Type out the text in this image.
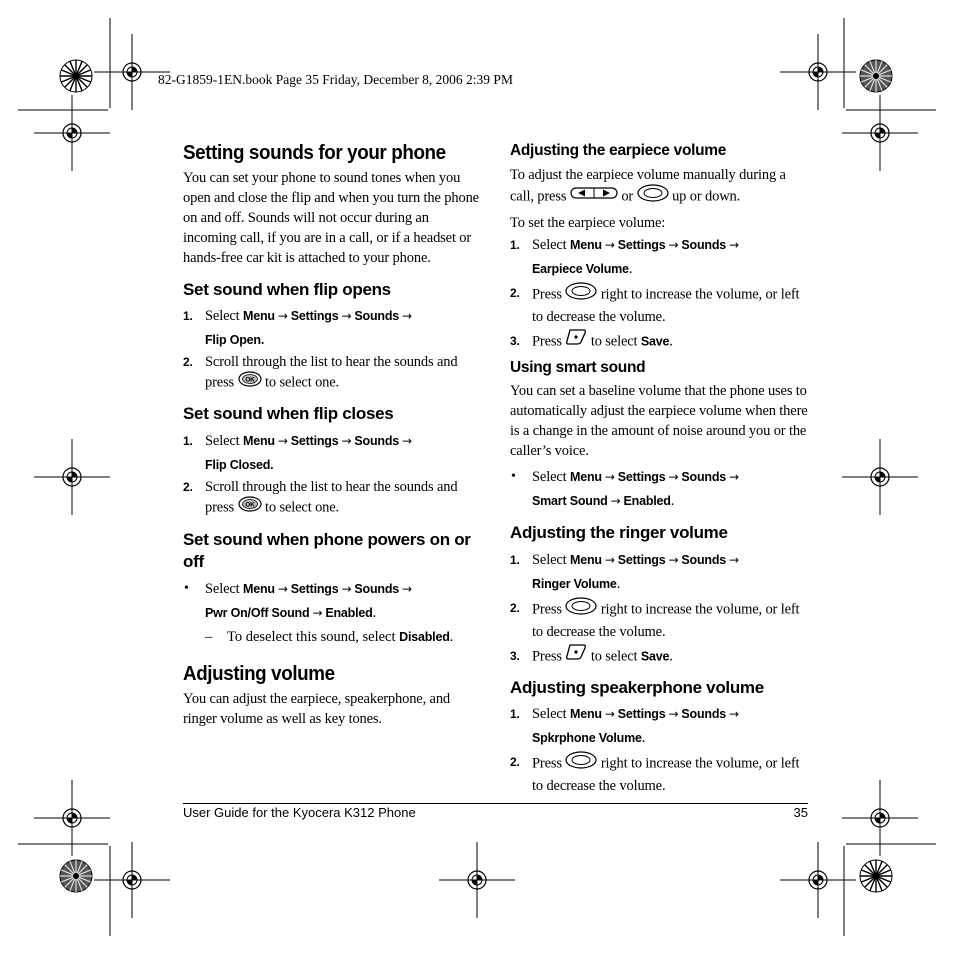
82-G1859-1EN.book Page 35 Friday, December 8, 2006 2:39 PM
Setting sounds for your phone

You can set your phone to sound tones when you open and close the flip and when you turn the phone on and off. Sounds will not occur during an incoming call, if you are in a call, or if a headset or hands-free car kit is attached to your phone.

Set sound when flip opens
1. Select Menu → Settings → Sounds →
Flip Open.
2. Scroll through the list to hear the sounds and press OK to select one.
Set sound when flip closes
1. Select Menu → Settings → Sounds →
Flip Closed.
2. Scroll through the list to hear the sounds and press OK to select one.
Set sound when phone powers on or off
• Select Menu → Settings → Sounds →
Pwr On/Off Sound → Enabled.
– To deselect this sound, select Disabled.
Adjusting volume

You can adjust the earpiece, speakerphone, and ringer volume as well as key tones.

Adjusting the earpiece volume

To adjust the earpiece volume manually during a call, press	or	up or down.

To set the earpiece volume:

1. Select Menu → Settings → Sounds →
Earpiece Volume.
2. Press	right to increase the volume, or left to decrease the volume.
3. Press to select Save.
Using smart sound

You can set a baseline volume that the phone uses to automatically adjust the earpiece volume when there is a change in the amount of noise around you or the caller’s voice.

• Select Menu → Settings → Sounds →
Smart Sound → Enabled.
Adjusting the ringer volume
1. Select Menu → Settings → Sounds →
Ringer Volume.
2. Press	right to increase the volume, or left to decrease the volume.
3. Press to select Save.
Adjusting speakerphone volume
1. Select Menu → Settings → Sounds →
Spkrphone Volume.
2. Press	right to increase the volume, or left to decrease the volume.
User Guide for the Kyocera K312 Phone	35
